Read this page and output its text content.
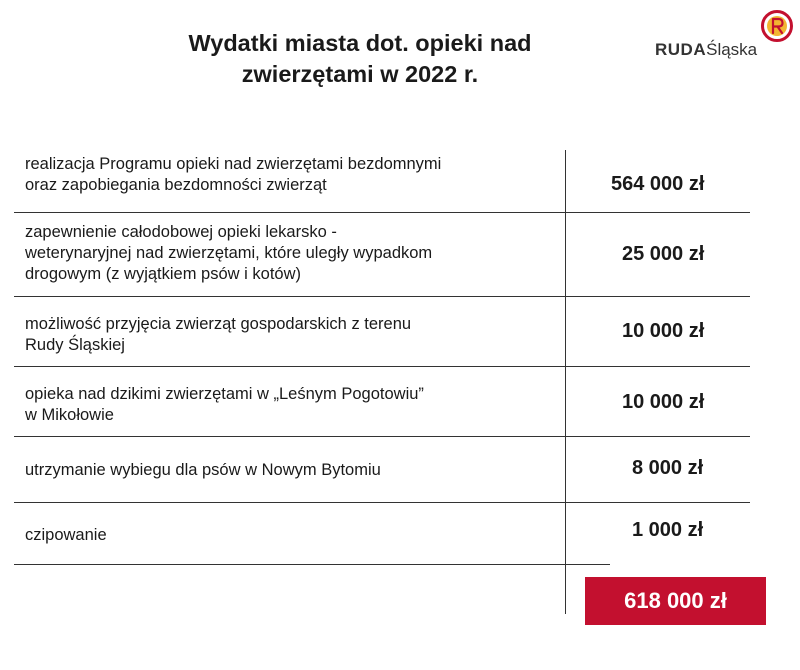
Wydatki miasta dot. opieki nad
zwierzętami w 2022 r.
RUDAŚląska
realizacja Programu opieki nad zwierzętami bezdomnymi
oraz zapobiegania bezdomności zwierząt	564 000 zł
zapewnienie całodobowej opieki lekarsko -
weterynaryjnej nad zwierzętami, które uległy wypadkom
drogowym (z wyjątkiem psów i kotów)
25 000 zł
możliwość przyjęcia zwierząt gospodarskich z terenu
Rudy Śląskiej
10 000 zł
opieka nad dzikimi zwierzętami w „Leśnym Pogotowiu”
w Mikołowie
10 000 zł
utrzymanie wybiegu dla psów w Nowym Bytomiu	8 000 zł
czipowanie	1 000 zł
618 000 zł
